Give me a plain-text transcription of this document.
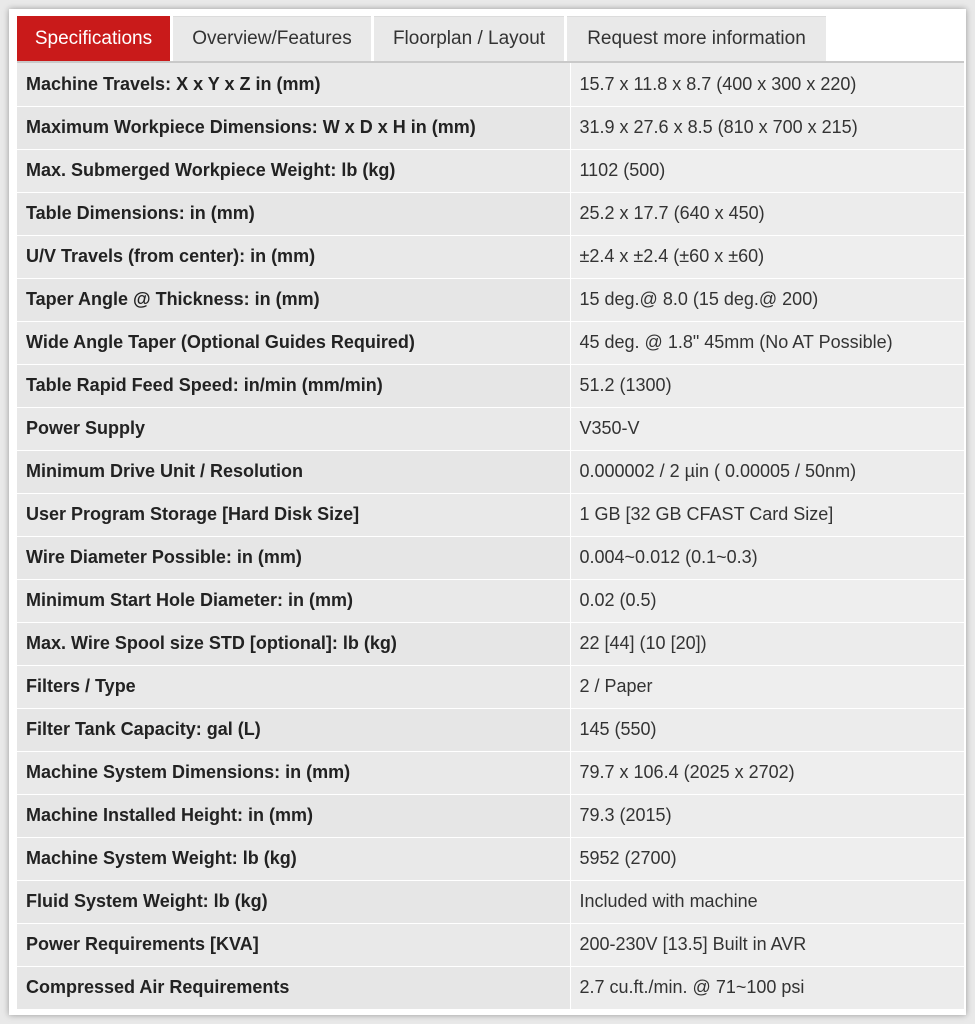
Specifications	Overview/Features	Floorplan / Layout	Request more information
Machine Travels: X x Y x Z in (mm)	15.7 x 11.8 x 8.7 (400 x 300 x 220)
Maximum Workpiece Dimensions: W x D x H in (mm)	31.9 x 27.6 x 8.5 (810 x 700 x 215)
Max. Submerged Workpiece Weight: lb (kg)	1102 (500)
Table Dimensions: in (mm)	25.2 x 17.7 (640 x 450)
U/V Travels (from center): in (mm)	±2.4 x ±2.4 (±60 x ±60)
Taper Angle @ Thickness: in (mm)	15 deg.@ 8.0 (15 deg.@ 200)
Wide Angle Taper (Optional Guides Required)	45 deg. @ 1.8" 45mm (No AT Possible)
Table Rapid Feed Speed: in/min (mm/min)	51.2 (1300)
Power Supply	V350-V
Minimum Drive Unit / Resolution	0.000002 / 2 µin ( 0.00005 / 50nm)
User Program Storage [Hard Disk Size]	1 GB [32 GB CFAST Card Size]
Wire Diameter Possible: in (mm)	0.004~0.012 (0.1~0.3)
Minimum Start Hole Diameter: in (mm)	0.02 (0.5)
Max. Wire Spool size STD [optional]: lb (kg)	22 [44] (10 [20])
Filters / Type	2 / Paper
Filter Tank Capacity: gal (L)	145 (550)
Machine System Dimensions: in (mm)	79.7 x 106.4 (2025 x 2702)
Machine Installed Height: in (mm)	79.3 (2015)
Machine System Weight: lb (kg)	5952 (2700)
Fluid System Weight: lb (kg)	Included with machine
Power Requirements [KVA]	200-230V [13.5] Built in AVR
Compressed Air Requirements	2.7 cu.ft./min. @ 71~100 psi
